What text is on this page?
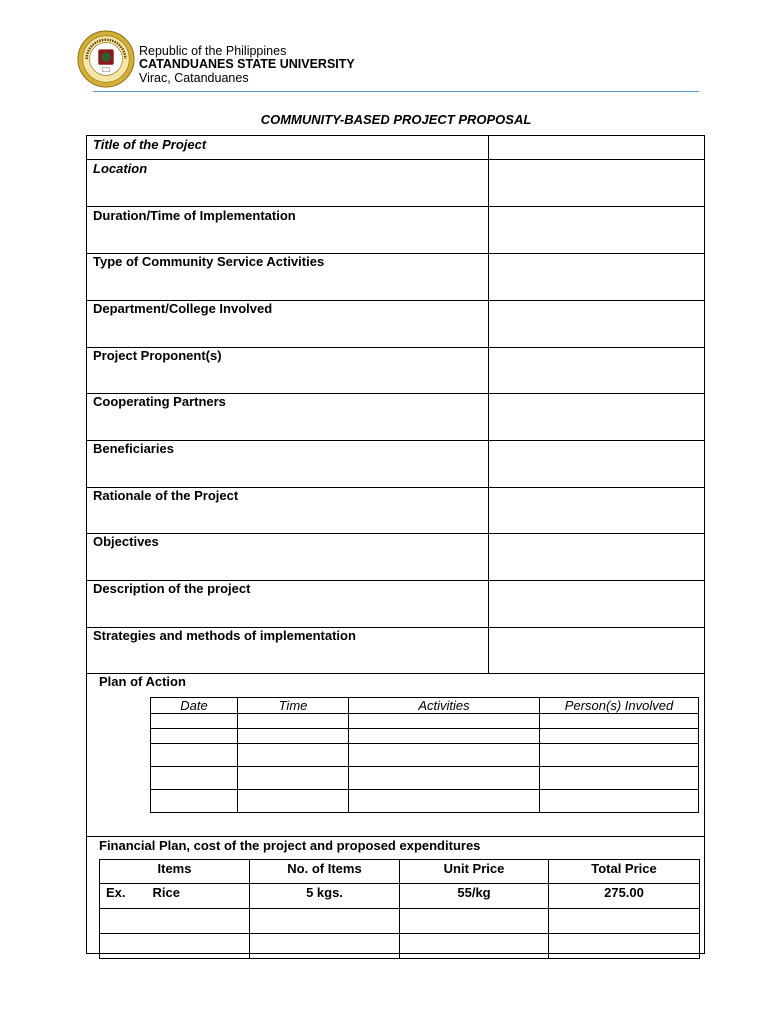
Republic of the Philippines
CATANDUANES STATE UNIVERSITY
Virac, Catanduanes
COMMUNITY-BASED PROJECT PROPOSAL
Title of the Project
Location
Duration/Time of Implementation
Type of Community Service Activities
Department/College Involved
Project Proponent(s)
Cooperating Partners
Beneficiaries
Rationale of the Project
Objectives
Description of the project
Strategies and methods of implementation
Plan of Action
Date	Time	Activities	Person(s) Involved

Financial Plan, cost of the project and proposed expenditures
Items	No. of Items	Unit Price	Total Price
Ex. Rice	5 kgs.	55/kg	275.00
